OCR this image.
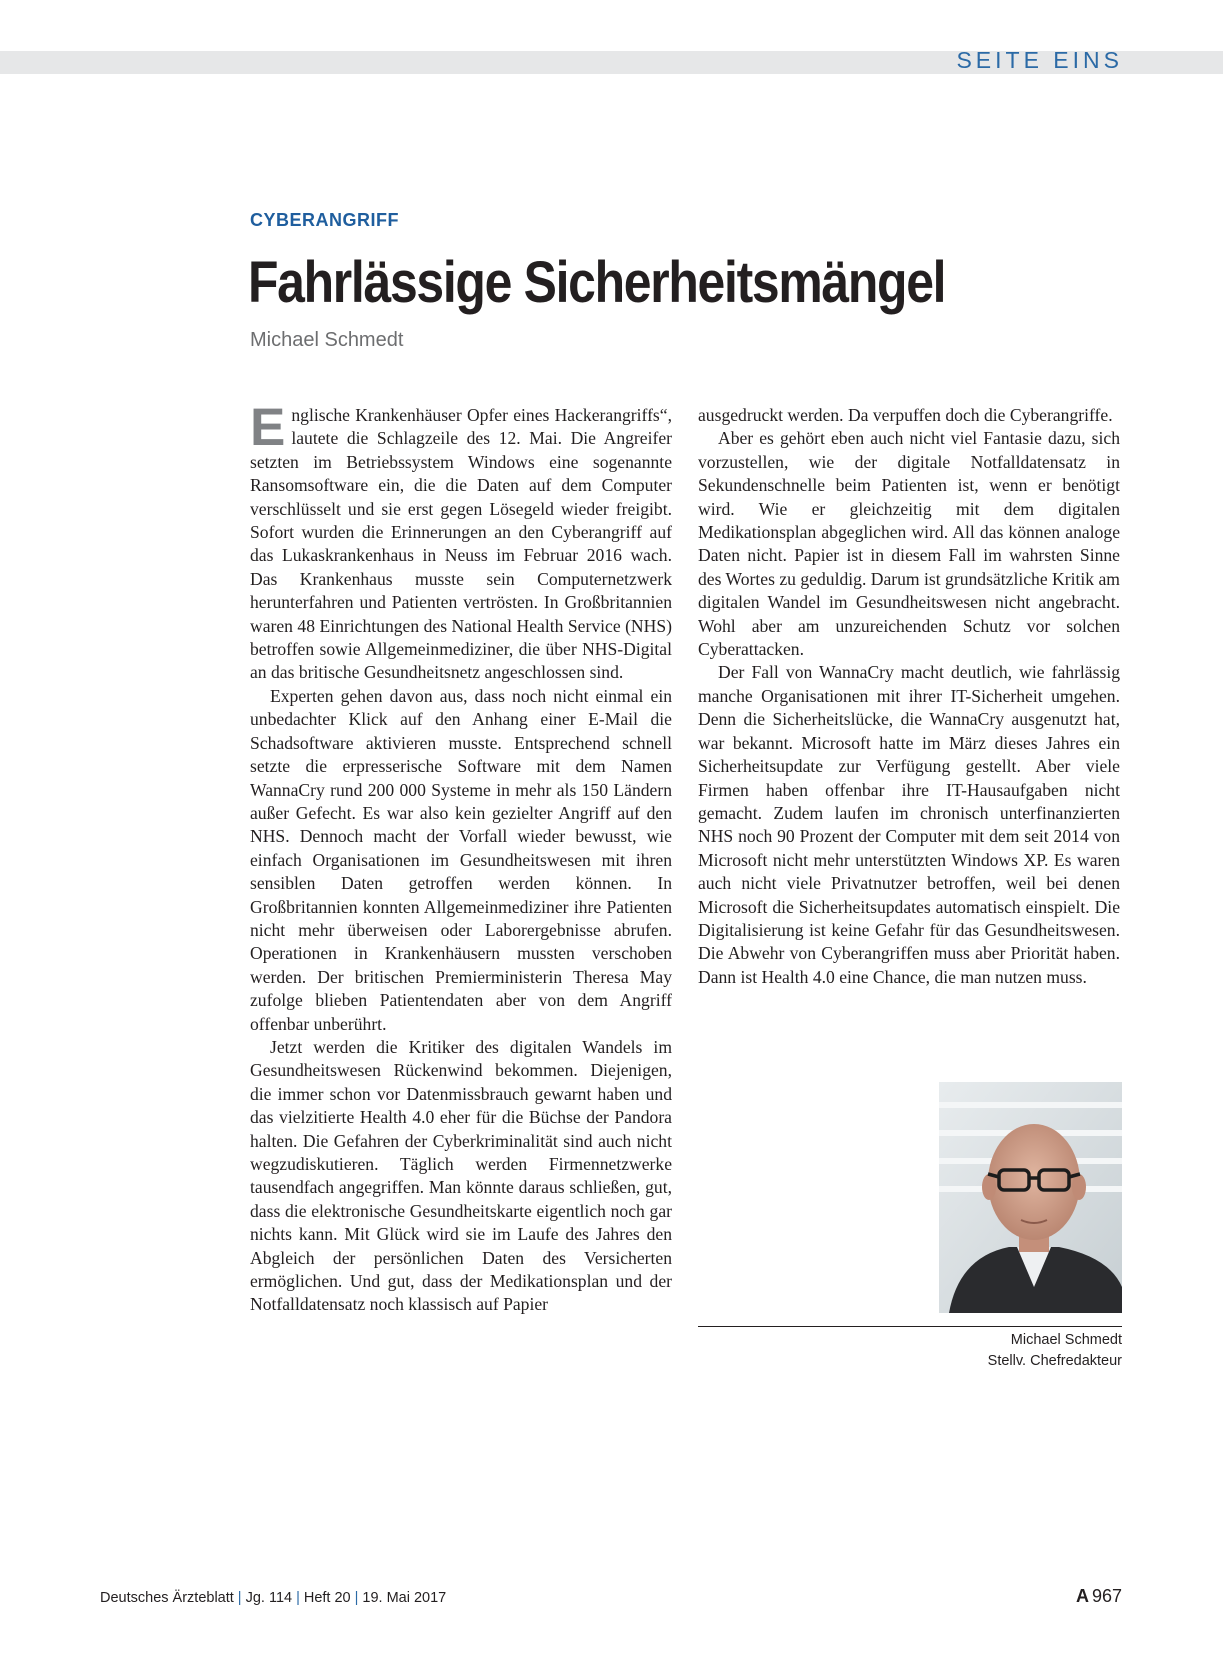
SEITE EINS
CYBERANGRIFF
Fahrlässige Sicherheitsmängel
Michael Schmedt

Englische Krankenhäuser Opfer eines Hackerangriffs“, lautete die Schlagzeile des 12. Mai. Die Angreifer setzten im Betriebssystem Windows eine sogenannte Ransomsoftware ein, die die Daten auf dem Computer verschlüsselt und sie erst gegen Lösegeld wieder freigibt. Sofort wurden die Erinnerungen an den Cyberangriff auf das Lukaskrankenhaus in Neuss im Februar 2016 wach. Das Krankenhaus musste sein Computernetzwerk herunterfahren und Patienten vertrösten. In Großbritannien waren 48 Einrichtungen des National Health Service (NHS) betroffen sowie Allgemeinmediziner, die über NHS-Digital an das britische Gesundheitsnetz angeschlossen sind.

Experten gehen davon aus, dass noch nicht einmal ein unbedachter Klick auf den Anhang einer E-Mail die Schadsoftware aktivieren musste. Entsprechend schnell setzte die erpresserische Software mit dem Namen WannaCry rund 200 000 Systeme in mehr als 150 Ländern außer Gefecht. Es war also kein gezielter Angriff auf den NHS. Dennoch macht der Vorfall wieder bewusst, wie einfach Organisationen im Gesundheitswesen mit ihren sensiblen Daten getroffen werden können. In Großbritannien konnten Allgemeinmediziner ihre Patienten nicht mehr überweisen oder Laborergebnisse abrufen. Operationen in Krankenhäusern mussten verschoben werden. Der britischen Premierministerin Theresa May zufolge blieben Patientendaten aber von dem Angriff offenbar unberührt.

Jetzt werden die Kritiker des digitalen Wandels im Gesundheitswesen Rückenwind bekommen. Diejenigen, die immer schon vor Datenmissbrauch gewarnt haben und das vielzitierte Health 4.0 eher für die Büchse der Pandora halten. Die Gefahren der Cyberkriminalität sind auch nicht wegzudiskutieren. Täglich werden Firmennetzwerke tausendfach angegriffen. Man könnte daraus schließen, gut, dass die elektronische Gesundheitskarte eigentlich noch gar nichts kann. Mit Glück wird sie im Laufe des Jahres den Abgleich der persönlichen Daten des Versicherten ermöglichen. Und gut, dass der Medikationsplan und der Notfalldatensatz noch klassisch auf Papier

ausgedruckt werden. Da verpuffen doch die Cyberangriffe.

Aber es gehört eben auch nicht viel Fantasie dazu, sich vorzustellen, wie der digitale Notfalldatensatz in Sekundenschnelle beim Patienten ist, wenn er benötigt wird. Wie er gleichzeitig mit dem digitalen Medikationsplan abgeglichen wird. All das können analoge Daten nicht. Papier ist in diesem Fall im wahrsten Sinne des Wortes zu geduldig. Darum ist grundsätzliche Kritik am digitalen Wandel im Gesundheitswesen nicht angebracht. Wohl aber am unzureichenden Schutz vor solchen Cyberattacken.

Der Fall von WannaCry macht deutlich, wie fahrlässig manche Organisationen mit ihrer IT-Sicherheit umgehen. Denn die Sicherheitslücke, die WannaCry ausgenutzt hat, war bekannt. Microsoft hatte im März dieses Jahres ein Sicherheitsupdate zur Verfügung gestellt. Aber viele Firmen haben offenbar ihre IT-Hausaufgaben nicht gemacht. Zudem laufen im chronisch unterfinanzierten NHS noch 90 Prozent der Computer mit dem seit 2014 von Microsoft nicht mehr unterstützten Windows XP. Es waren auch nicht viele Privatnutzer betroffen, weil bei denen Microsoft die Sicherheitsupdates automatisch einspielt. Die Digitalisierung ist keine Gefahr für das Gesundheitswesen. Die Abwehr von Cyberangriffen muss aber Priorität haben. Dann ist Health 4.0 eine Chance, die man nutzen muss.

Michael Schmedt
Stellv. Chefredakteur
Deutsches Ärzteblatt | Jg. 114 | Heft 20 | 19. Mai 2017	A 967
